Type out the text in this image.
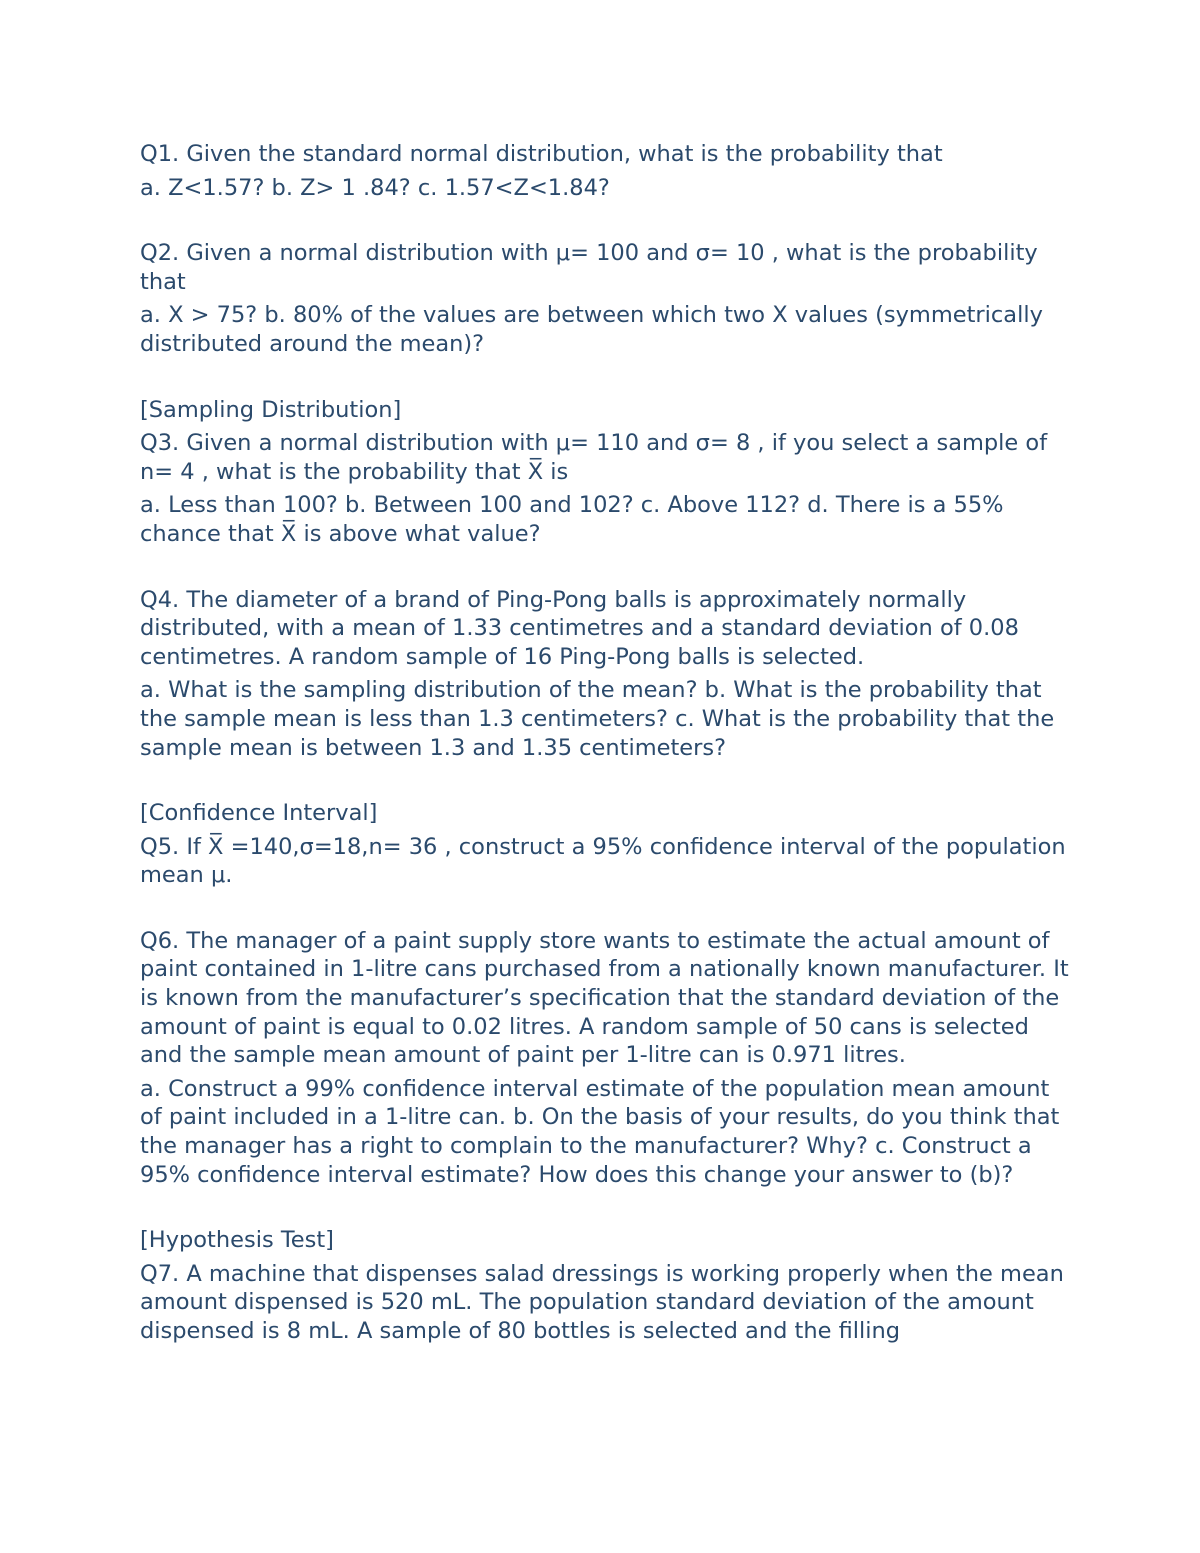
Q1. Given the standard normal distribution, what is the probability that

a. Z<1.57? b. Z> 1 .84? c. 1.57<Z<1.84?

Q2. Given a normal distribution with μ= 100 and σ= 10 , what is the probability that

a. X > 75? b. 80% of the values are between which two X values (symmetrically distributed around the mean)?

[Sampling Distribution]

Q3. Given a normal distribution with μ= 110 and σ= 8 , if you select a sample of n= 4 , what is the probability that X̅ is

a. Less than 100? b. Between 100 and 102? c. Above 112? d. There is a 55% chance that X̅ is above what value?

Q4. The diameter of a brand of Ping-Pong balls is approximately normally distributed, with a mean of 1.33 centimetres and a standard deviation of 0.08 centimetres. A random sample of 16 Ping-Pong balls is selected.

a. What is the sampling distribution of the mean? b. What is the probability that the sample mean is less than 1.3 centimeters? c. What is the probability that the sample mean is between 1.3 and 1.35 centimeters?

[Confidence Interval]

Q5. If X̅ =140,σ=18,n= 36 , construct a 95% confidence interval of the population mean μ.

Q6. The manager of a paint supply store wants to estimate the actual amount of paint contained in 1-litre cans purchased from a nationally known manufacturer. It is known from the manufacturer’s specification that the standard deviation of the amount of paint is equal to 0.02 litres. A random sample of 50 cans is selected and the sample mean amount of paint per 1-litre can is 0.971 litres.

a. Construct a 99% confidence interval estimate of the population mean amount of paint included in a 1-litre can. b. On the basis of your results, do you think that the manager has a right to complain to the manufacturer? Why? c. Construct a 95% confidence interval estimate? How does this change your answer to (b)?

[Hypothesis Test]

Q7. A machine that dispenses salad dressings is working properly when the mean amount dispensed is 520 mL. The population standard deviation of the amount dispensed is 8 mL. A sample of 80 bottles is selected and the filling
